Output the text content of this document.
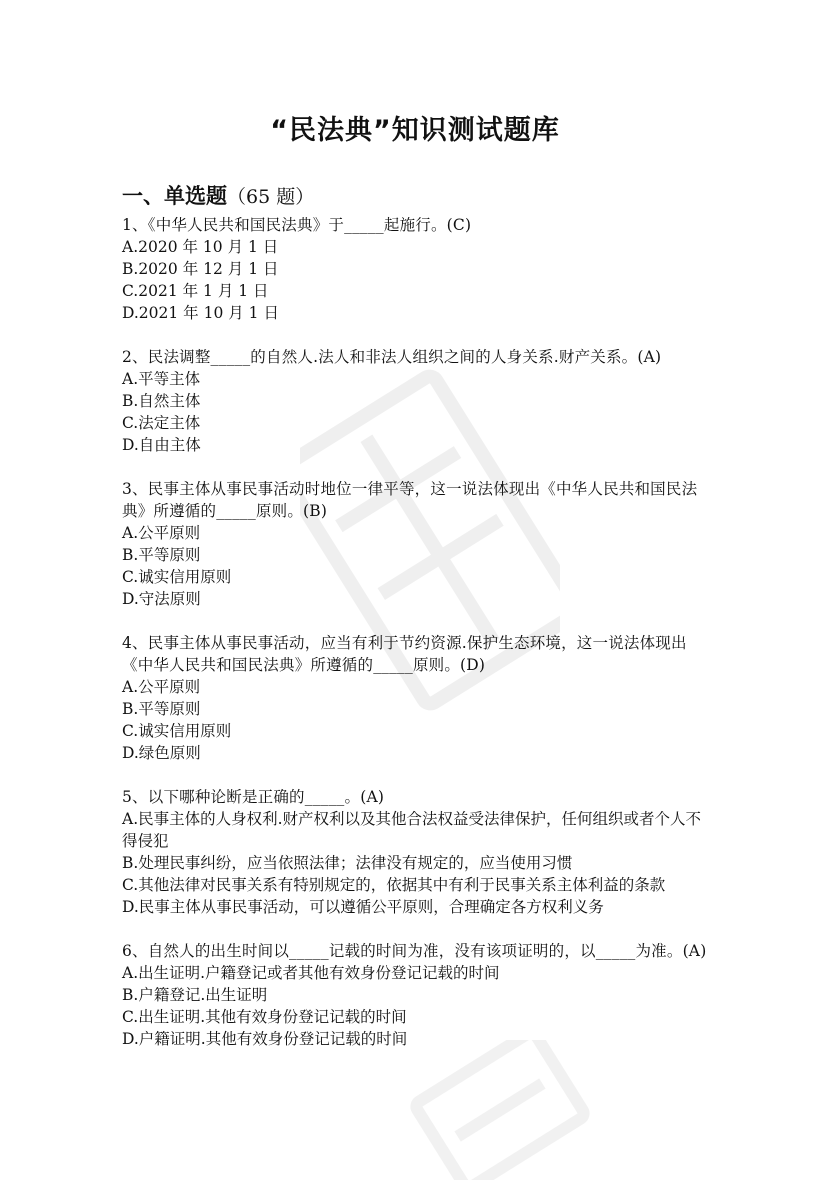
“民法典”知识测试题库
一、单选题（65 题）
1、《中华人民共和国民法典》于_____起施行。(C)
A.2020 年 10 月 1 日
B.2020 年 12 月 1 日
C.2021 年 1 月 1 日
D.2021 年 10 月 1 日
2、民法调整_____的自然人.法人和非法人组织之间的人身关系.财产关系。(A)
A.平等主体
B.自然主体
C.法定主体
D.自由主体
3、民事主体从事民事活动时地位一律平等，这一说法体现出《中华人民共和国民法典》所遵循的_____原则。(B)
A.公平原则
B.平等原则
C.诚实信用原则
D.守法原则
4、民事主体从事民事活动，应当有利于节约资源.保护生态环境，这一说法体现出《中华人民共和国民法典》所遵循的_____原则。(D)
A.公平原则
B.平等原则
C.诚实信用原则
D.绿色原则
5、以下哪种论断是正确的_____。(A)
A.民事主体的人身权利.财产权利以及其他合法权益受法律保护，任何组织或者个人不得侵犯
B.处理民事纠纷，应当依照法律；法律没有规定的，应当使用习惯
C.其他法律对民事关系有特别规定的，依据其中有利于民事关系主体利益的条款
D.民事主体从事民事活动，可以遵循公平原则，合理确定各方权利义务
6、自然人的出生时间以_____记载的时间为准，没有该项证明的，以_____为准。(A)
A.出生证明.户籍登记或者其他有效身份登记记载的时间
B.户籍登记.出生证明
C.出生证明.其他有效身份登记记载的时间
D.户籍证明.其他有效身份登记记载的时间
